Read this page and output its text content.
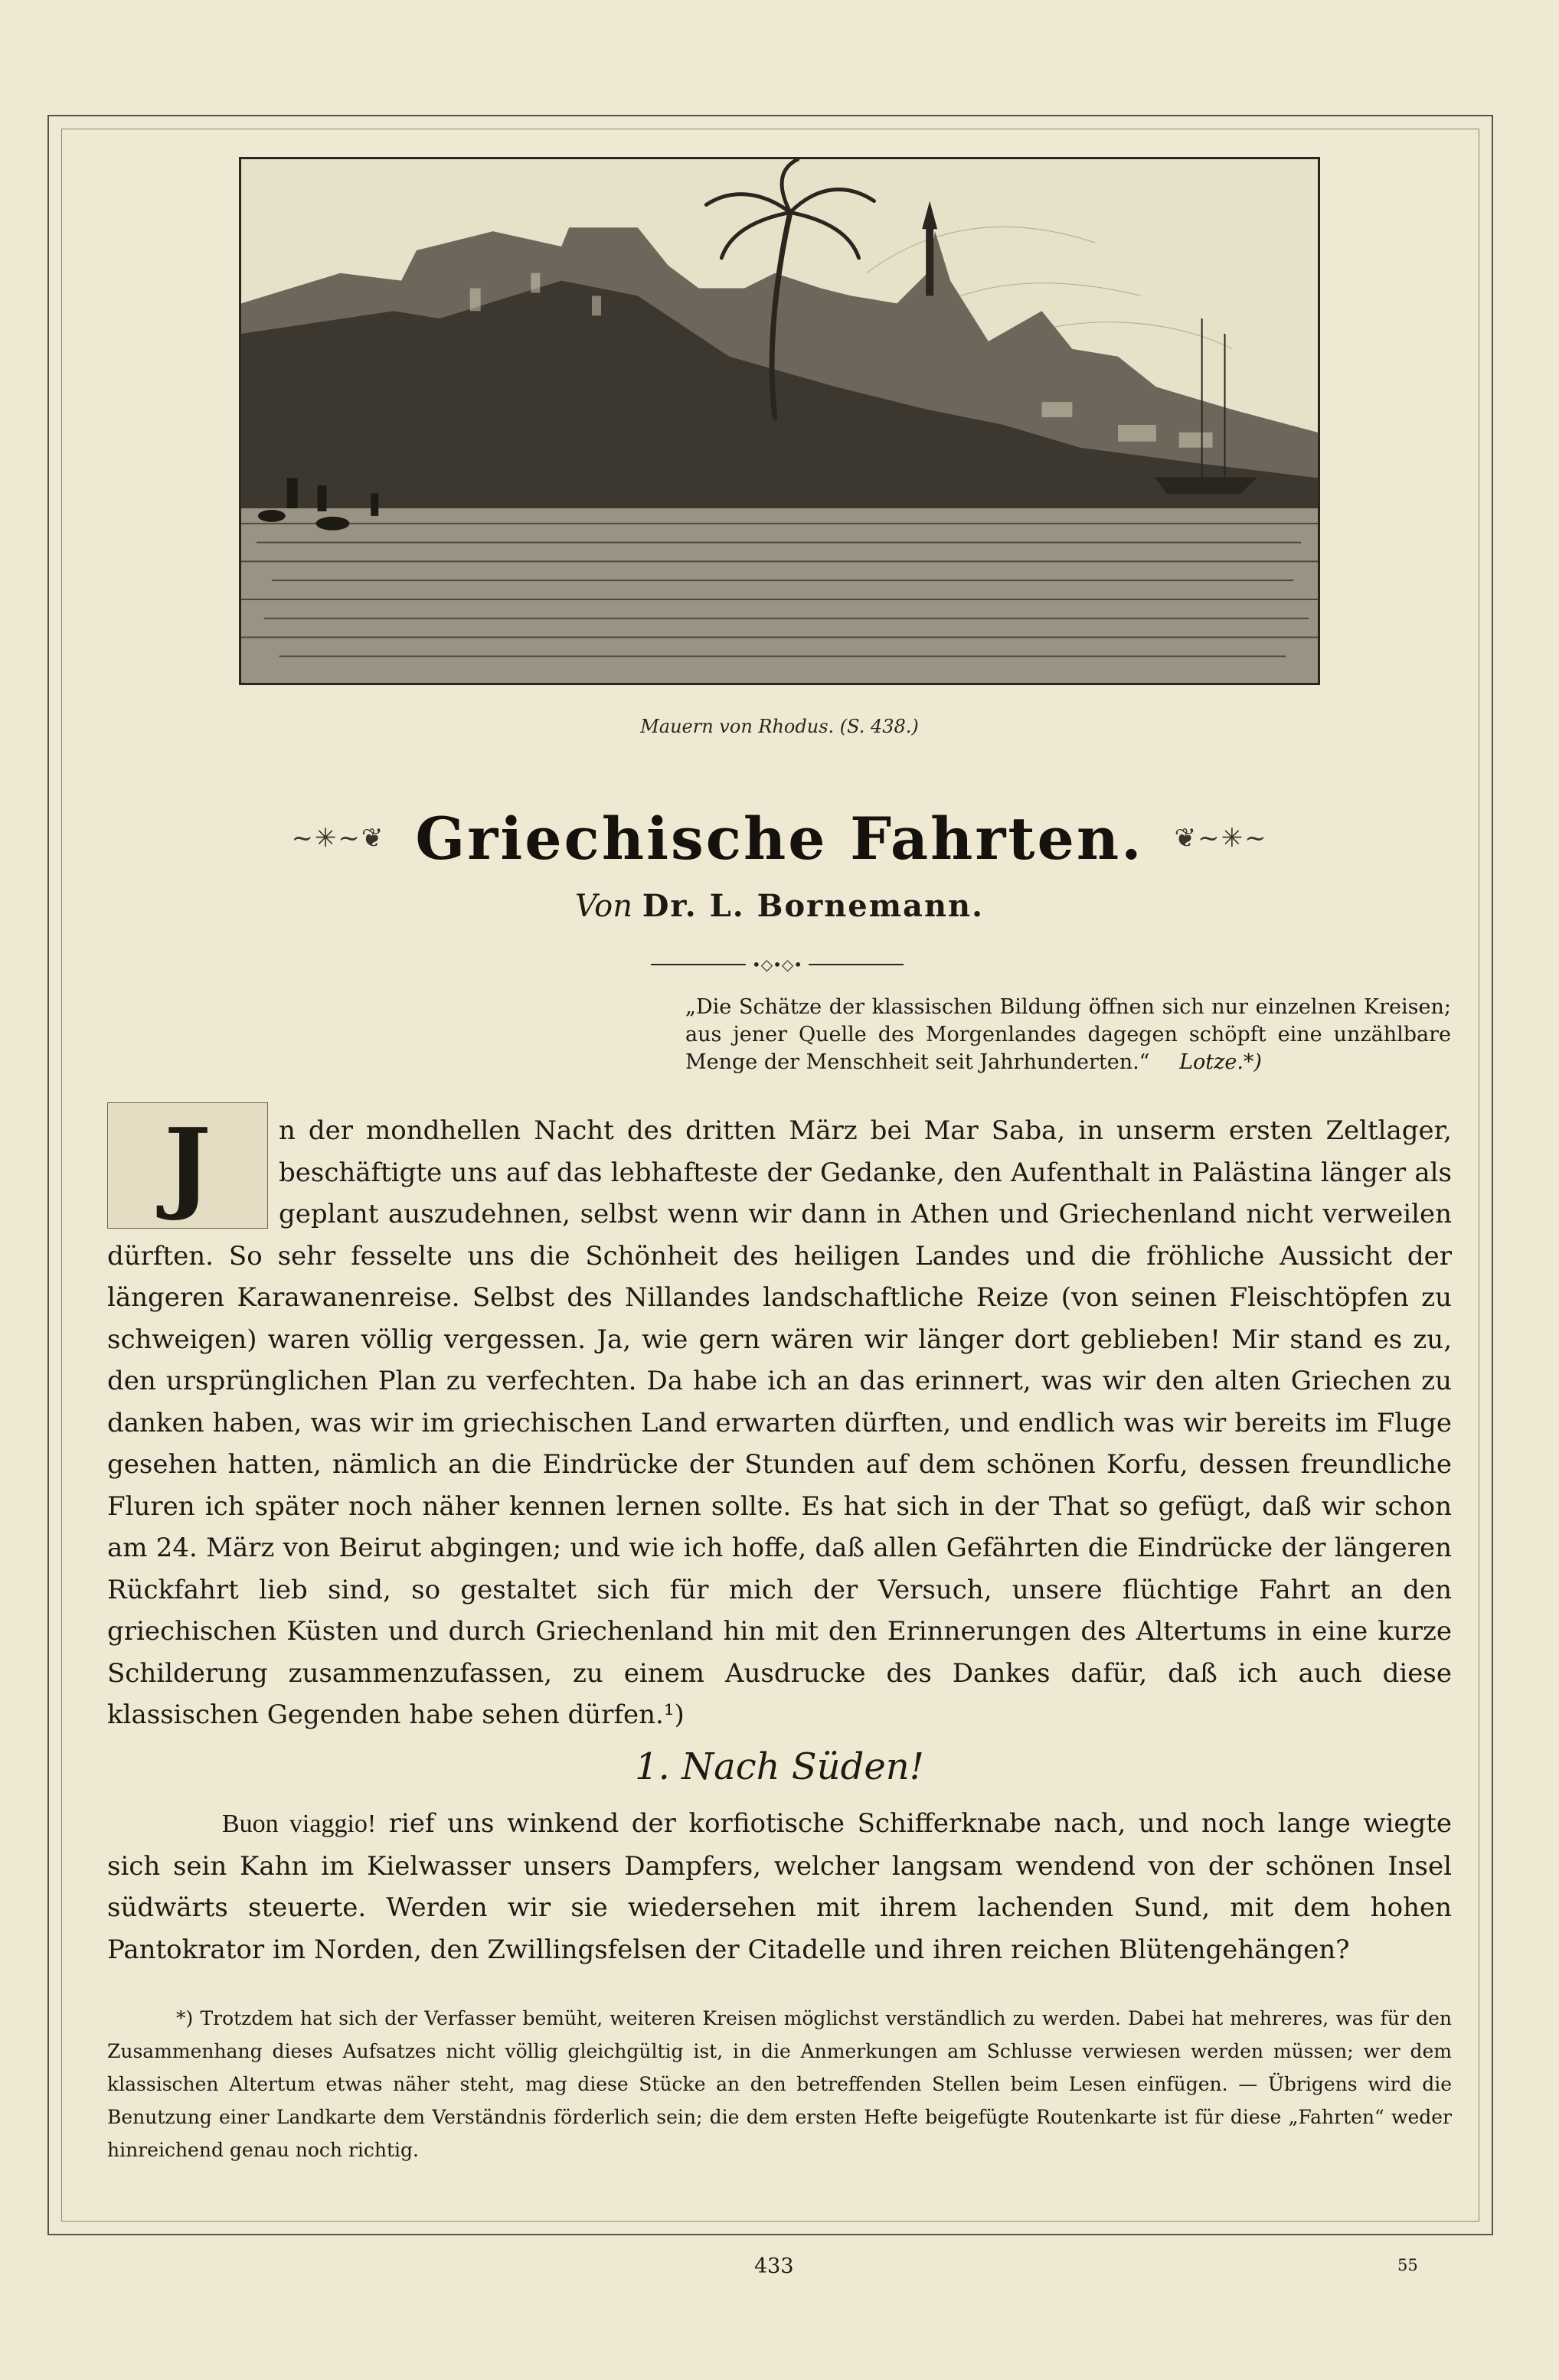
Mauern von Rhodus. (S. 438.)
~✳~❦ Griechische Fahrten. ❦~✳~
Von Dr. L. Bornemann.
•◇•◇•
„Die Schätze der klassischen Bildung öffnen sich nur einzelnen Kreisen; aus jener Quelle des Morgenlandes dagegen schöpft eine unzählbare Menge der Menschheit seit Jahrhunderten.“ Lotze.*)
J	n der mondhellen Nacht des dritten März bei Mar Saba, in unserm ersten Zeltlager, beschäftigte uns auf das lebhafteste der Gedanke, den Aufenthalt in Palästina länger als geplant auszudehnen, selbst wenn wir dann in Athen und Griechenland nicht verweilen dürften. So sehr fesselte uns die Schönheit des heiligen Landes und die fröhliche Aussicht der längeren Karawanenreise. Selbst des Nillandes landschaftliche Reize (von seinen Fleischtöpfen zu schweigen) waren völlig vergessen. Ja, wie gern wären wir länger dort geblieben! Mir stand es zu, den ursprünglichen Plan zu verfechten. Da habe ich an das erinnert, was wir den alten Griechen zu danken haben, was wir im griechischen Land erwarten dürften, und endlich was wir bereits im Fluge gesehen hatten, nämlich an die Eindrücke der Stunden auf dem schönen Korfu, dessen freundliche Fluren ich später noch näher kennen lernen sollte. Es hat sich in der That so gefügt, daß wir schon am 24. März von Beirut abgingen; und wie ich hoffe, daß allen Gefährten die Eindrücke der längeren Rückfahrt lieb sind, so gestaltet sich für mich der Versuch, unsere flüchtige Fahrt an den griechischen Küsten und durch Griechenland hin mit den Erinnerungen des Altertums in eine kurze Schilderung zusammenzufassen, zu einem Ausdrucke des Dankes dafür, daß ich auch diese klassischen Gegenden habe sehen dürfen.¹)
1. Nach Süden!
Buon viaggio! rief uns winkend der korfiotische Schifferknabe nach, und noch lange wiegte sich sein Kahn im Kielwasser unsers Dampfers, welcher langsam wendend von der schönen Insel südwärts steuerte. Werden wir sie wiedersehen mit ihrem lachenden Sund, mit dem hohen Pantokrator im Norden, den Zwillingsfelsen der Citadelle und ihren reichen Blütengehängen?
*) Trotzdem hat sich der Verfasser bemüht, weiteren Kreisen möglichst verständlich zu werden. Dabei hat mehreres, was für den Zusammenhang dieses Aufsatzes nicht völlig gleichgültig ist, in die Anmerkungen am Schlusse verwiesen werden müssen; wer dem klassischen Altertum etwas näher steht, mag diese Stücke an den betreffenden Stellen beim Lesen einfügen. — Übrigens wird die Benutzung einer Landkarte dem Verständnis förderlich sein; die dem ersten Hefte beigefügte Routenkarte ist für diese „Fahrten“ weder hinreichend genau noch richtig.
433	55
